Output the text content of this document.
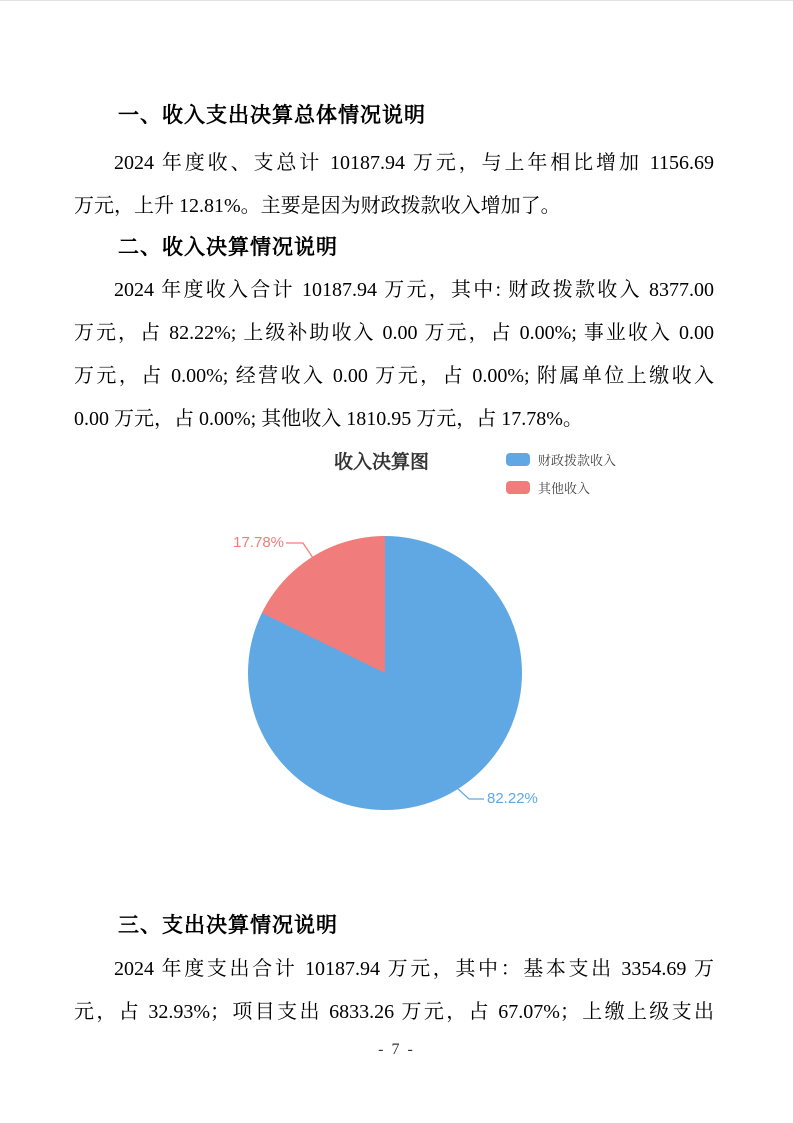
一、收入支出决算总体情况说明
2024 年度收、支总计 10187.94 万元，与上年相比增加 1156.69
万元，上升 12.81%。主要是因为财政拨款收入增加了。
二、收入决算情况说明
2024 年度收入合计 10187.94 万元，其中: 财政拨款收入 8377.00
万元，占 82.22%; 上级补助收入 0.00 万元，占 0.00%; 事业收入 0.00
万元，占 0.00%; 经营收入 0.00 万元，占 0.00%; 附属单位上缴收入
0.00 万元，占 0.00%; 其他收入 1810.95 万元，占 17.78%。
收入决算图	财政拨款收入
其他收入
17.78%
82.22%
三、支出决算情况说明
2024 年度支出合计 10187.94 万元，其中：基本支出 3354.69 万
元，占 32.93%；项目支出 6833.26 万元，占 67.07%；上缴上级支出
- 7 -
